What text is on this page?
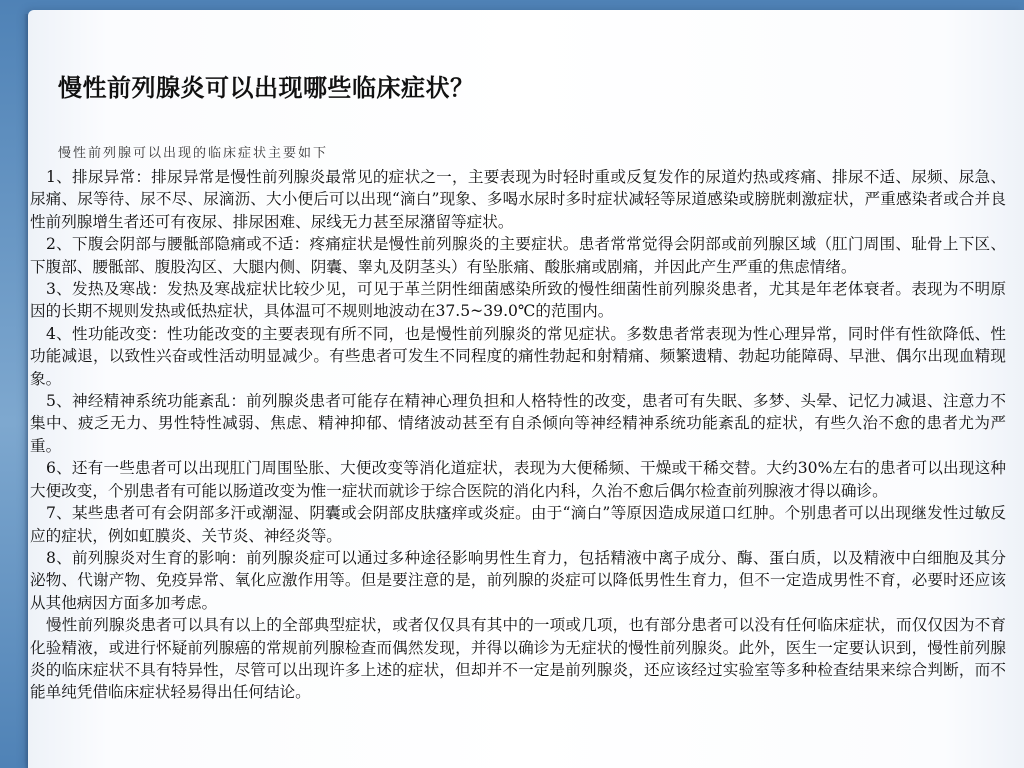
慢性前列腺炎可以出现哪些临床症状？

慢性前列腺可以出现的临床症状主要如下

1、排尿异常：排尿异常是慢性前列腺炎最常见的症状之一，主要表现为时轻时重或反复发作的尿道灼热或疼痛、排尿不适、尿频、尿急、尿痛、尿等待、尿不尽、尿滴沥、大小便后可以出现“滴白”现象、多喝水尿时多时症状减轻等尿道感染或膀胱刺激症状，严重感染者或合并良性前列腺增生者还可有夜尿、排尿困难、尿线无力甚至尿潴留等症状。

2、下腹会阴部与腰骶部隐痛或不适：疼痛症状是慢性前列腺炎的主要症状。患者常常觉得会阴部或前列腺区域（肛门周围、耻骨上下区、下腹部、腰骶部、腹股沟区、大腿内侧、阴囊、睾丸及阴茎头）有坠胀痛、酸胀痛或剧痛，并因此产生严重的焦虑情绪。

3、发热及寒战：发热及寒战症状比较少见，可见于革兰阴性细菌感染所致的慢性细菌性前列腺炎患者，尤其是年老体衰者。表现为不明原因的长期不规则发热或低热症状，具体温可不规则地波动在37.5~39.0℃的范围内。

4、性功能改变：性功能改变的主要表现有所不同，也是慢性前列腺炎的常见症状。多数患者常表现为性心理异常，同时伴有性欲降低、性功能减退，以致性兴奋或性活动明显减少。有些患者可发生不同程度的痛性勃起和射精痛、频繁遗精、勃起功能障碍、早泄、偶尔出现血精现象。

5、神经精神系统功能紊乱：前列腺炎患者可能存在精神心理负担和人格特性的改变，患者可有失眠、多梦、头晕、记忆力减退、注意力不集中、疲乏无力、男性特性减弱、焦虑、精神抑郁、情绪波动甚至有自杀倾向等神经精神系统功能紊乱的症状，有些久治不愈的患者尤为严重。

6、还有一些患者可以出现肛门周围坠胀、大便改变等消化道症状，表现为大便稀频、干燥或干稀交替。大约30%左右的患者可以出现这种大便改变，个别患者有可能以肠道改变为惟一症状而就诊于综合医院的消化内科，久治不愈后偶尔检查前列腺液才得以确诊。

7、某些患者可有会阴部多汗或潮湿、阴囊或会阴部皮肤瘙痒或炎症。由于“滴白”等原因造成尿道口红肿。个别患者可以出现继发性过敏反应的症状，例如虹膜炎、关节炎、神经炎等。

8、前列腺炎对生育的影响：前列腺炎症可以通过多种途径影响男性生育力，包括精液中离子成分、酶、蛋白质，以及精液中白细胞及其分泌物、代谢产物、免疫异常、氧化应激作用等。但是要注意的是，前列腺的炎症可以降低男性生育力，但不一定造成男性不育，必要时还应该从其他病因方面多加考虑。

慢性前列腺炎患者可以具有以上的全部典型症状，或者仅仅具有其中的一项或几项，也有部分患者可以没有任何临床症状，而仅仅因为不育化验精液，或进行怀疑前列腺癌的常规前列腺检查而偶然发现，并得以确诊为无症状的慢性前列腺炎。此外，医生一定要认识到，慢性前列腺炎的临床症状不具有特异性，尽管可以出现许多上述的症状，但却并不一定是前列腺炎，还应该经过实验室等多种检查结果来综合判断，而不能单纯凭借临床症状轻易得出任何结论。
